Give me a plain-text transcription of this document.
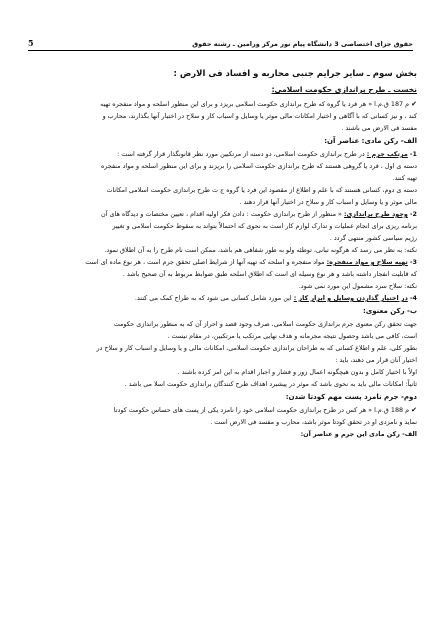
حقوق جزای اختصاصی 3 دانشگاه پیام نور مرکز ورامین ـ رشته حقوق
5

بخش سوم ـ سایر جرایم جنبی محاربه و افساد فی الارض :

نخست ـ طرح براندازی حکومت اسلامی:

✔م 187 ق.م.ا « هر فرد یا گروه که طرح براندازی حکومت اسلامی بریزد و برای این منظور اسلحه و مواد منفجره تهیه

کند ، و نیز کسانی که با آگاهی و اختیار امکانات مالی موثر یا وسایل و اسباب کار و سلاح در اختیار آنها بگذارند، محارب و

مفسد فی الارض می باشند .

الف- رکن مادی: عناصر آن:

1- مرتکب جرم : در طرح براندازی حکومت اسلامی، دو دسته از مرتکبین مورد نظر قانونگذار قرار گرفته است :

دسته ی اول ، فرد یا گروهی هستند که طرح براندازی حکومت اسلامی را بریزند و برای این منظور اسلحه و مواد منفجره

تهیه کنند.

دسته ی دوم، کسانی هستند که با علم و اطلاع از مقصود این فرد یا گروه ج ت طرح براندازی حکومت اسلامی امکانات

مالی موثر و یا وسایل و اسباب کار و سلاح در اختیار آنها قرار دهند .

2- وجود طرح براندازی: « منظور از طرح براندازی حکومت : دادن فکر اولیه اقدام ، تعیین مختصات و دیدگاه های آن

برنامه ریزی برای انجام عملیات و تدارک لوازم کار است به نحوی که احتمالاً بتواند به سقوط حکومت اسلامی و تغییر

رژیم سیاسی کشور منتهی گردد .

نکته: به نظر می رسد که هرگونه تبانی، توطئه ولو به طور شفاهی هم باشد، ممکن است نام طرح را به آن اطلاق نمود.

3- تهیه سلاح و مواد منفجره: مواد منفجره و اسلحه که تهیه آنها از شرایط اصلی تحقق جرم است ، هر نوع ماده ای است

که قابلیت انفجار داشته باشد و هر نوع وسیله ای است که اطلاق اسلحه طبق ضوابط مربوط به آن صحیح باشد .

نکته: سلاح سرد مشمول این مورد نمی شود.

4- در اختیار گذاردن وسایل و ابزار کار : این مورد شامل کسانی می شود که به طراح کمک می کنند.

ب- رکن معنوی:

جهت تحقق رکن معنوی جرم براندازی حکومت اسلامی، صرف وجود قصد و احراز آن که به منظور براندازی حکومت

است، کافی می باشد وحصول نتیجه مجرمانه و هدف نهایی مرتکب یا مرتکبین، در مقام نیست .

بطور کلی، علم و اطلاع کسانی که به طراحان براندازی حکومت اسلامی، امکانات مالی و یا وسایل و اسباب کار و سلاح در

اختیار آنان قرار می دهند، باید :

اولاً با اختیار کامل و بدون هیچگونه اعمال زور و فشار و اجبار اقدام به این امر کرده باشند .

ثانیاً: امکانات مالی باید به نحوی باشد که موثر در پیشبرد اهداف طرح کنندگان براندازی حکومت اسلا می باشد .

دوم- جرم نامزد پست مهم کودتا شدن:

✔م 188 ق.م.ا « هر کس در طرح براندازی حکومت اسلامی خود را نامزد یکی از پست های حساس حکومت کودتا

نماید و نامزدی او در تحقق کودتا موثر باشد، محارب و مفسد فی الارض است .

الف- رکن مادی این جرم و عناصر آن:
